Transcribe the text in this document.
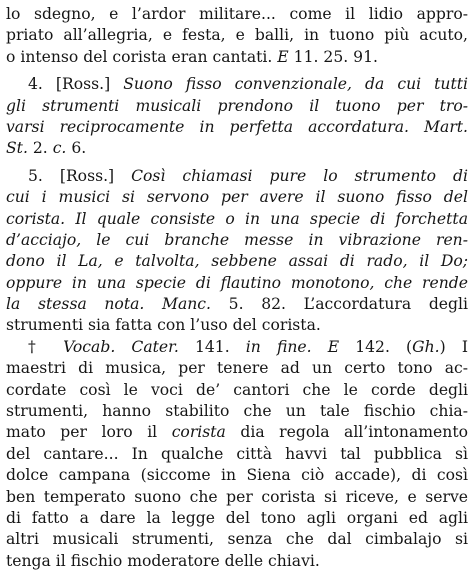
lo sdegno, e l’ardor militare... come il lidio appro-
priato all’allegria, e festa, e balli, in tuono più acuto,
o intenso del corista eran cantati. E 11. 25. 91.
4. [Ross.] Suono fisso convenzionale, da cui tutti
gli strumenti musicali prendono il tuono per tro-
varsi reciprocamente in perfetta accordatura. Mart.
St. 2. c. 6.
5. [Ross.] Così chiamasi pure lo strumento di
cui i musici si servono per avere il suono fisso del
corista. Il quale consiste o in una specie di forchetta
d’acciajo, le cui branche messe in vibrazione ren-
dono il La, e talvolta, sebbene assai di rado, il Do;
oppure in una specie di flautino monotono, che rende
la stessa nota. Manc. 5. 82. L’accordatura degli
strumenti sia fatta con l’uso del corista.
† Vocab. Cater. 141. in fine. E 142. (Gh.) I
maestri di musica, per tenere ad un certo tono ac-
cordate così le voci de’ cantori che le corde degli
strumenti, hanno stabilito che un tale fischio chia-
mato per loro il corista dia regola all’intonamento
del cantare... In qualche città havvi tal pubblica sì
dolce campana (siccome in Siena ciò accade), di così
ben temperato suono che per corista si riceve, e serve
di fatto a dare la legge del tono agli organi ed agli
altri musicali strumenti, senza che dal cimbalajo si
tenga il fischio moderatore delle chiavi.
